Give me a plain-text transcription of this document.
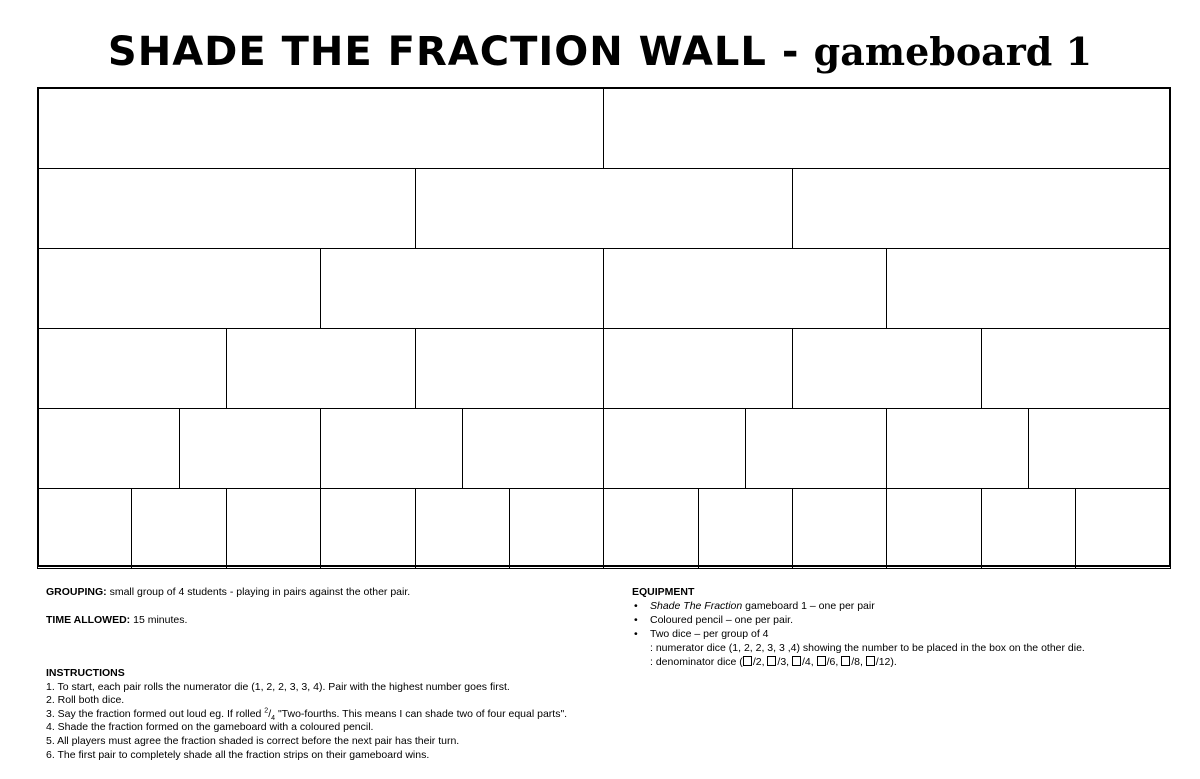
SHADE THE FRACTION WALL - gameboard 1
GROUPING: small group of 4 students - playing in pairs against the other pair.
TIME ALLOWED: 15 minutes.
EQUIPMENT
• Shade The Fraction gameboard 1 – one per pair
• Coloured pencil – one per pair.
• Two dice – per group of 4
: numerator dice (1, 2, 2, 3, 3 ,4) showing the number to be placed in the box on the other die.
: denominator dice ( /2, /3, /4, /6, /8, /12).
INSTRUCTIONS
1. To start, each pair rolls the numerator die (1, 2, 2, 3, 3, 4). Pair with the highest number goes first.
2. Roll both dice.
3. Say the fraction formed out loud eg. If rolled $^2/_4$ "Two-fourths. This means I can shade two of four equal parts".
4. Shade the fraction formed on the gameboard with a coloured pencil.
5. All players must agree the fraction shaded is correct before the next pair has their turn.
6. The first pair to completely shade all the fraction strips on their gameboard wins.
